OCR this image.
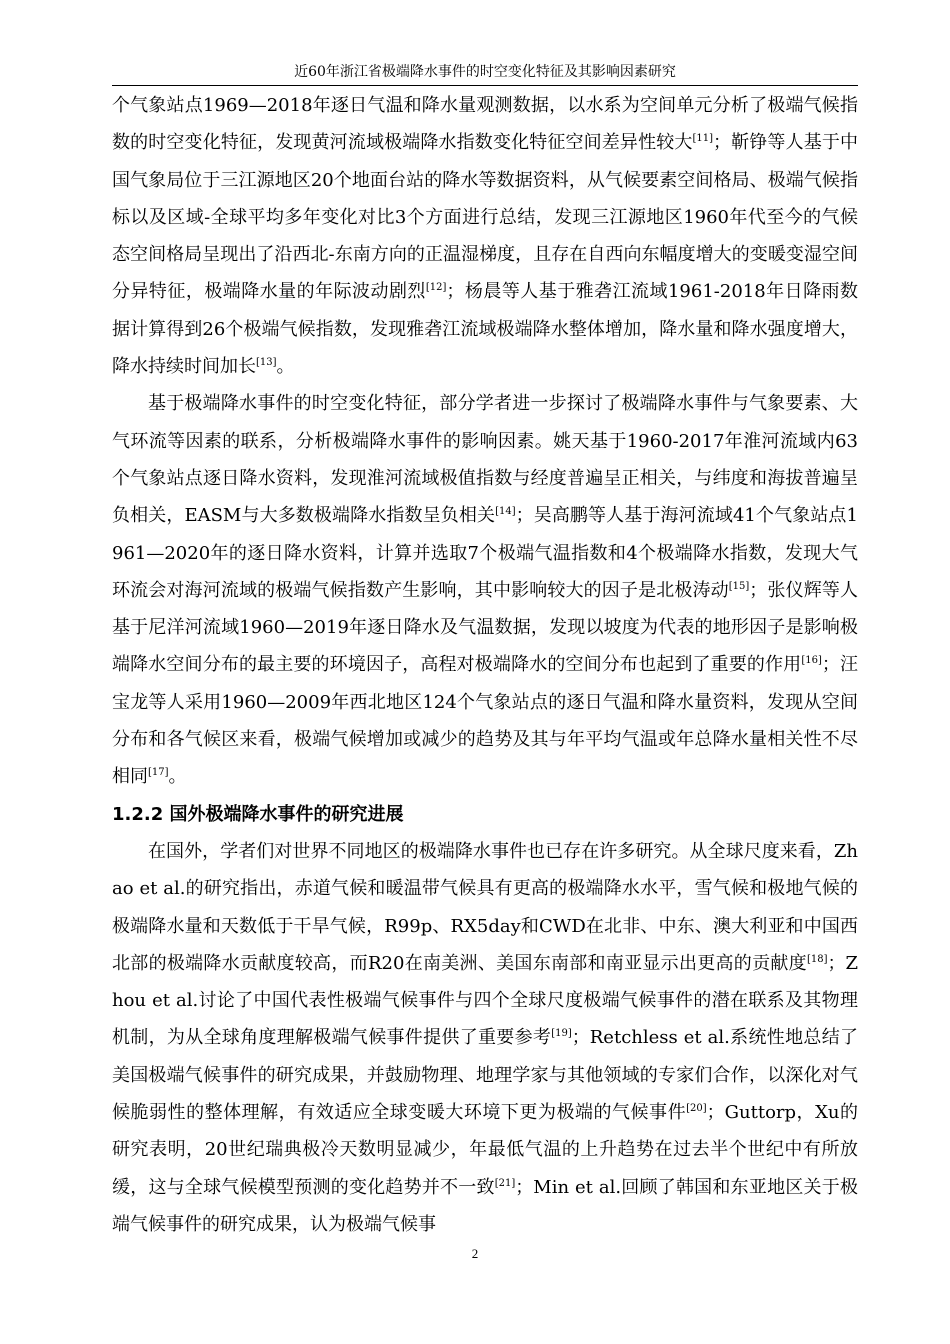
近60年浙江省极端降水事件的时空变化特征及其影响因素研究

个气象站点1969—2018年逐日气温和降水量观测数据，以水系为空间单元分析了极端气候指数的时空变化特征，发现黄河流域极端降水指数变化特征空间差异性较大[11]；靳铮等人基于中国气象局位于三江源地区20个地面台站的降水等数据资料，从气候要素空间格局、极端气候指标以及区域-全球平均多年变化对比3个方面进行总结，发现三江源地区1960年代至今的气候态空间格局呈现出了沿西北-东南方向的正温湿梯度，且存在自西向东幅度增大的变暖变湿空间分异特征，极端降水量的年际波动剧烈[12]；杨晨等人基于雅砻江流域1961-2018年日降雨数据计算得到26个极端气候指数，发现雅砻江流域极端降水整体增加，降水量和降水强度增大，降水持续时间加长[13]。

基于极端降水事件的时空变化特征，部分学者进一步探讨了极端降水事件与气象要素、大气环流等因素的联系，分析极端降水事件的影响因素。姚天基于1960-2017年淮河流域内63个气象站点逐日降水资料，发现淮河流域极值指数与经度普遍呈正相关，与纬度和海拔普遍呈负相关，EASM与大多数极端降水指数呈负相关[14]；吴高鹏等人基于海河流域41个气象站点1961—2020年的逐日降水资料，计算并选取7个极端气温指数和4个极端降水指数，发现大气环流会对海河流域的极端气候指数产生影响，其中影响较大的因子是北极涛动[15]；张仪辉等人基于尼洋河流域1960—2019年逐日降水及气温数据，发现以坡度为代表的地形因子是影响极端降水空间分布的最主要的环境因子，高程对极端降水的空间分布也起到了重要的作用[16]；汪宝龙等人采用1960—2009年西北地区124个气象站点的逐日气温和降水量资料，发现从空间分布和各气候区来看，极端气候增加或减少的趋势及其与年平均气温或年总降水量相关性不尽相同[17]。

1.2.2 国外极端降水事件的研究进展

在国外，学者们对世界不同地区的极端降水事件也已存在许多研究。从全球尺度来看，Zhao et al.的研究指出，赤道气候和暖温带气候具有更高的极端降水水平，雪气候和极地气候的极端降水量和天数低于干旱气候，R99p、RX5day和CWD在北非、中东、澳大利亚和中国西北部的极端降水贡献度较高，而R20在南美洲、美国东南部和南亚显示出更高的贡献度[18]；Zhou et al.讨论了中国代表性极端气候事件与四个全球尺度极端气候事件的潜在联系及其物理机制，为从全球角度理解极端气候事件提供了重要参考[19]；Retchless et al.系统性地总结了美国极端气候事件的研究成果，并鼓励物理、地理学家与其他领域的专家们合作，以深化对气候脆弱性的整体理解，有效适应全球变暖大环境下更为极端的气候事件[20]；Guttorp，Xu的研究表明，20世纪瑞典极冷天数明显减少，年最低气温的上升趋势在过去半个世纪中有所放缓，这与全球气候模型预测的变化趋势并不一致[21]；Min et al.回顾了韩国和东亚地区关于极端气候事件的研究成果，认为极端气候事

2
